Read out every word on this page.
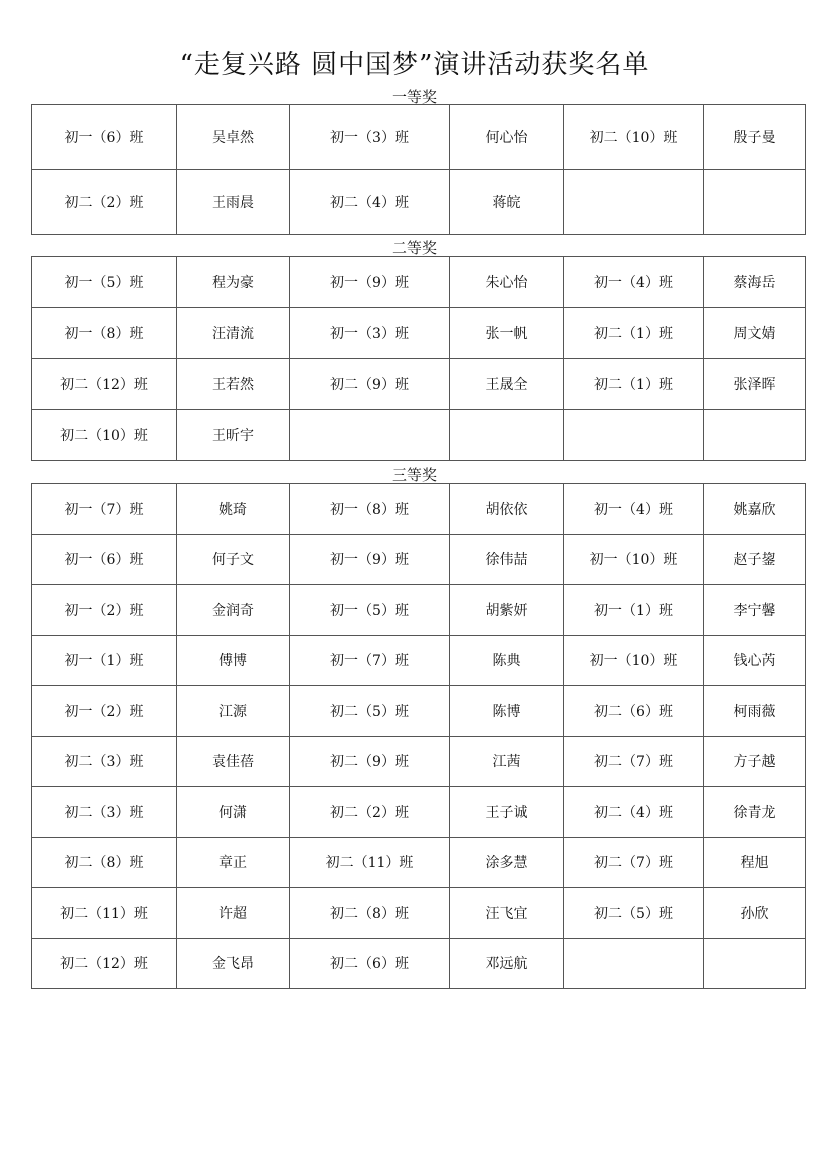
“走复兴路 圆中国梦”演讲活动获奖名单
一等奖
初一（6）班	吴卓然	初一（3）班	何心怡	初二（10）班	殷子曼
初二（2）班	王雨晨	初二（4）班	蒋皖		
二等奖
初一（5）班	程为豪	初一（9）班	朱心怡	初一（4）班	蔡海岳
初一（8）班	汪清流	初一（3）班	张一帆	初二（1）班	周文婧
初二（12）班	王若然	初二（9）班	王晟全	初二（1）班	张泽晖
初二（10）班	王昕宇				
三等奖
初一（7）班	姚琦	初一（8）班	胡依依	初一（4）班	姚嘉欣
初一（6）班	何子文	初一（9）班	徐伟喆	初一（10）班	赵子鋆
初一（2）班	金润奇	初一（5）班	胡紫妍	初一（1）班	李宁馨
初一（1）班	傅博	初一（7）班	陈典	初一（10）班	钱心芮
初一（2）班	江源	初二（5）班	陈博	初二（6）班	柯雨薇
初二（3）班	袁佳蓓	初二（9）班	江茜	初二（7）班	方子越
初二（3）班	何潇	初二（2）班	王子诚	初二（4）班	徐青龙
初二（8）班	章正	初二（11）班	涂多慧	初二（7）班	程旭
初二（11）班	许超	初二（8）班	汪飞宜	初二（5）班	孙欣
初二（12）班	金飞昂	初二（6）班	邓远航		
